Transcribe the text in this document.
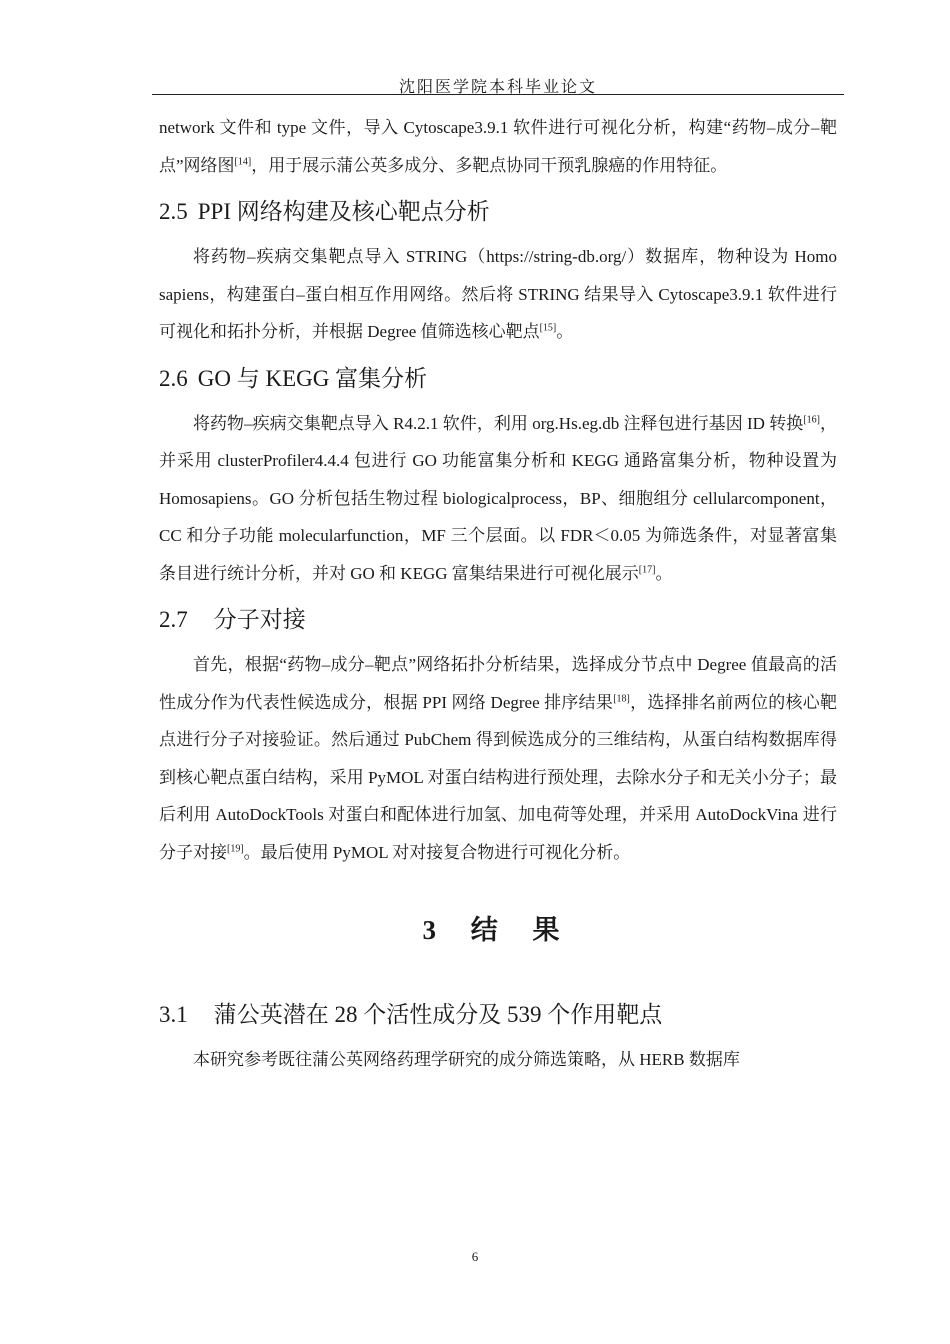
沈阳医学院本科毕业论文

network 文件和 type 文件，导入 Cytoscape3.9.1 软件进行可视化分析，构建“药物–成分–靶点”网络图[14]，用于展示蒲公英多成分、多靶点协同干预乳腺癌的作用特征。

2.5 PPI 网络构建及核心靶点分析

将药物–疾病交集靶点导入 STRING（https://string-db.org/）数据库，物种设为 Homo sapiens，构建蛋白–蛋白相互作用网络。然后将 STRING 结果导入 Cytoscape3.9.1 软件进行可视化和拓扑分析，并根据 Degree 值筛选核心靶点[15]。

2.6 GO 与 KEGG 富集分析

将药物–疾病交集靶点导入 R4.2.1 软件，利用 org.Hs.eg.db 注释包进行基因 ID 转换[16]，并采用 clusterProfiler4.4.4 包进行 GO 功能富集分析和 KEGG 通路富集分析，物种设置为 Homosapiens。GO 分析包括生物过程 biologicalprocess，BP、细胞组分 cellularcomponent，CC 和分子功能 molecularfunction，MF 三个层面。以 FDR＜0.05 为筛选条件，对显著富集条目进行统计分析，并对 GO 和 KEGG 富集结果进行可视化展示[17]。

2.7 分子对接

首先，根据“药物–成分–靶点”网络拓扑分析结果，选择成分节点中 Degree 值最高的活性成分作为代表性候选成分，根据 PPI 网络 Degree 排序结果[18]，选择排名前两位的核心靶点进行分子对接验证。然后通过 PubChem 得到候选成分的三维结构，从蛋白结构数据库得到核心靶点蛋白结构，采用 PyMOL 对蛋白结构进行预处理，去除水分子和无关小分子；最后利用 AutoDockTools 对蛋白和配体进行加氢、加电荷等处理，并采用 AutoDockVina 进行分子对接[19]。最后使用 PyMOL 对对接复合物进行可视化分析。

3 结 果
3.1 蒲公英潜在 28 个活性成分及 539 个作用靶点

本研究参考既往蒲公英网络药理学研究的成分筛选策略，从 HERB 数据库

6
